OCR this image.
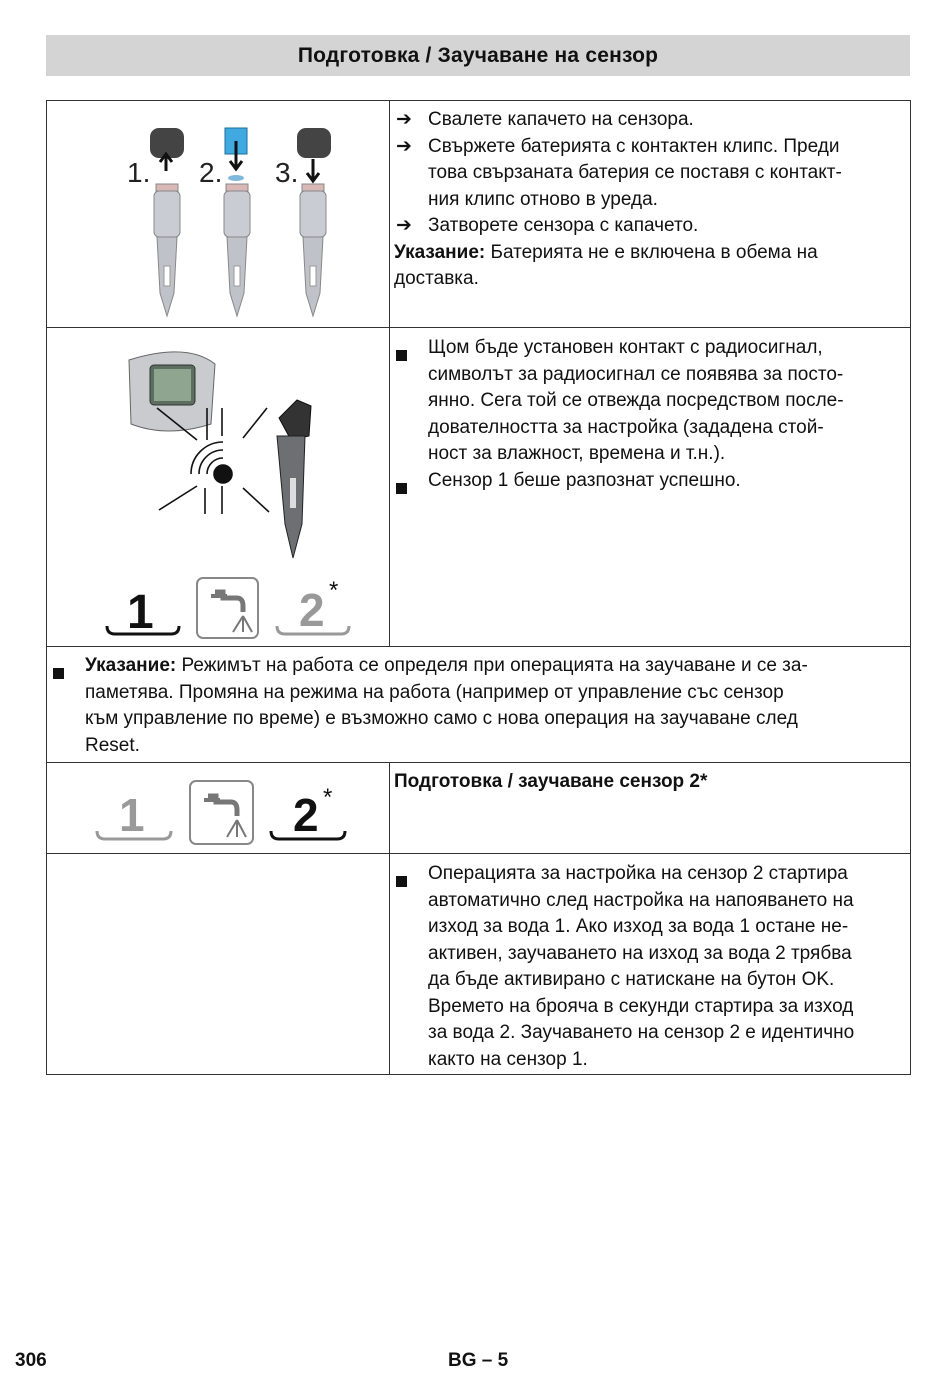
Подготовка / Заучаване на сензор
1. 2. 3.
➔ Свалете капачето на сензора.
➔ Свържете батерията с контактен клипс. Преди
това свързаната батерия се поставя с контакт-
ния клипс отново в уреда.
➔ Затворете сензора с капачето.
Указание: Батерията не е включена в обема на
доставка.
1	2 *
Щом бъде установен контакт с радиосигнал,
символът за радиосигнал се появява за посто-
янно. Сега той се отвежда посредством после-
дователността за настройка (зададена стой-
ност за влажност, времена и т.н.).
Сензор 1 беше разпознат успешно.
Указание: Режимът на работа се определя при операцията на заучаване и се за-
паметява. Промяна на режима на работа (например от управление със сензор
към управление по време) е възможно само с нова операция на заучаване след
Reset.
1	2 *
Подготовка / заучаване сензор 2*
Операцията за настройка на сензор 2 стартира
автоматично след настройка на напояването на
изход за вода 1. Ако изход за вода 1 остане не-
активен, заучаването на изход за вода 2 трябва
да бъде активирано с натискане на бутон OK.
Времето на брояча в секунди стартира за изход
за вода 2. Заучаването на сензор 2 е идентично
както на сензор 1.
306	BG – 5
